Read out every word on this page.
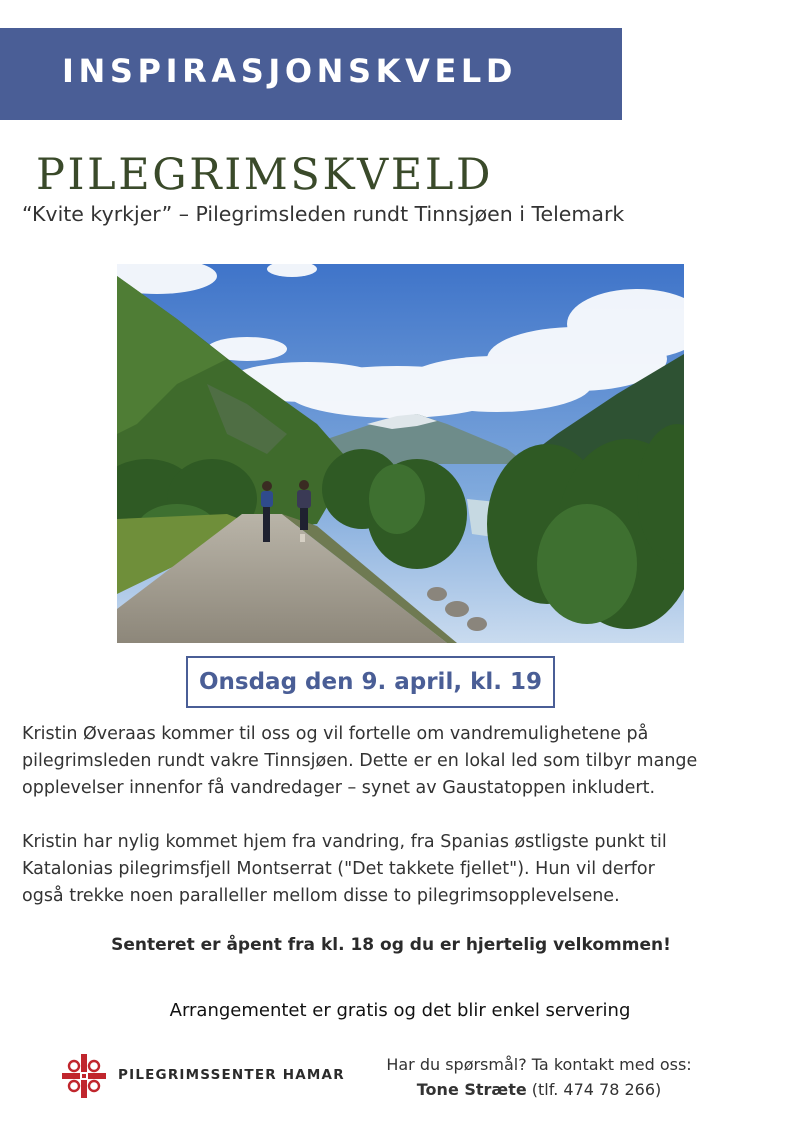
INSPIRASJONSKVELD
PILEGRIMSKVELD
“Kvite kyrkjer” – Pilegrimsleden rundt Tinnsjøen i Telemark
Onsdag den 9. april, kl. 19
Kristin Øveraas kommer til oss og vil fortelle om vandremulighetene på
pilegrimsleden rundt vakre Tinnsjøen. Dette er en lokal led som tilbyr mange
opplevelser innenfor få vandredager – synet av Gaustatoppen inkludert.
Kristin har nylig kommet hjem fra vandring, fra Spanias østligste punkt til
Katalonias pilegrimsfjell Montserrat ("Det takkete fjellet"). Hun vil derfor
også trekke noen paralleller mellom disse to pilegrimsopplevelsene.
Senteret er åpent fra kl. 18 og du er hjertelig velkommen!
Arrangementet er gratis og det blir enkel servering
PILEGRIMSSENTER HAMAR
Har du spørsmål? Ta kontakt med oss:
Tone Stræte (tlf. 474 78 266)
